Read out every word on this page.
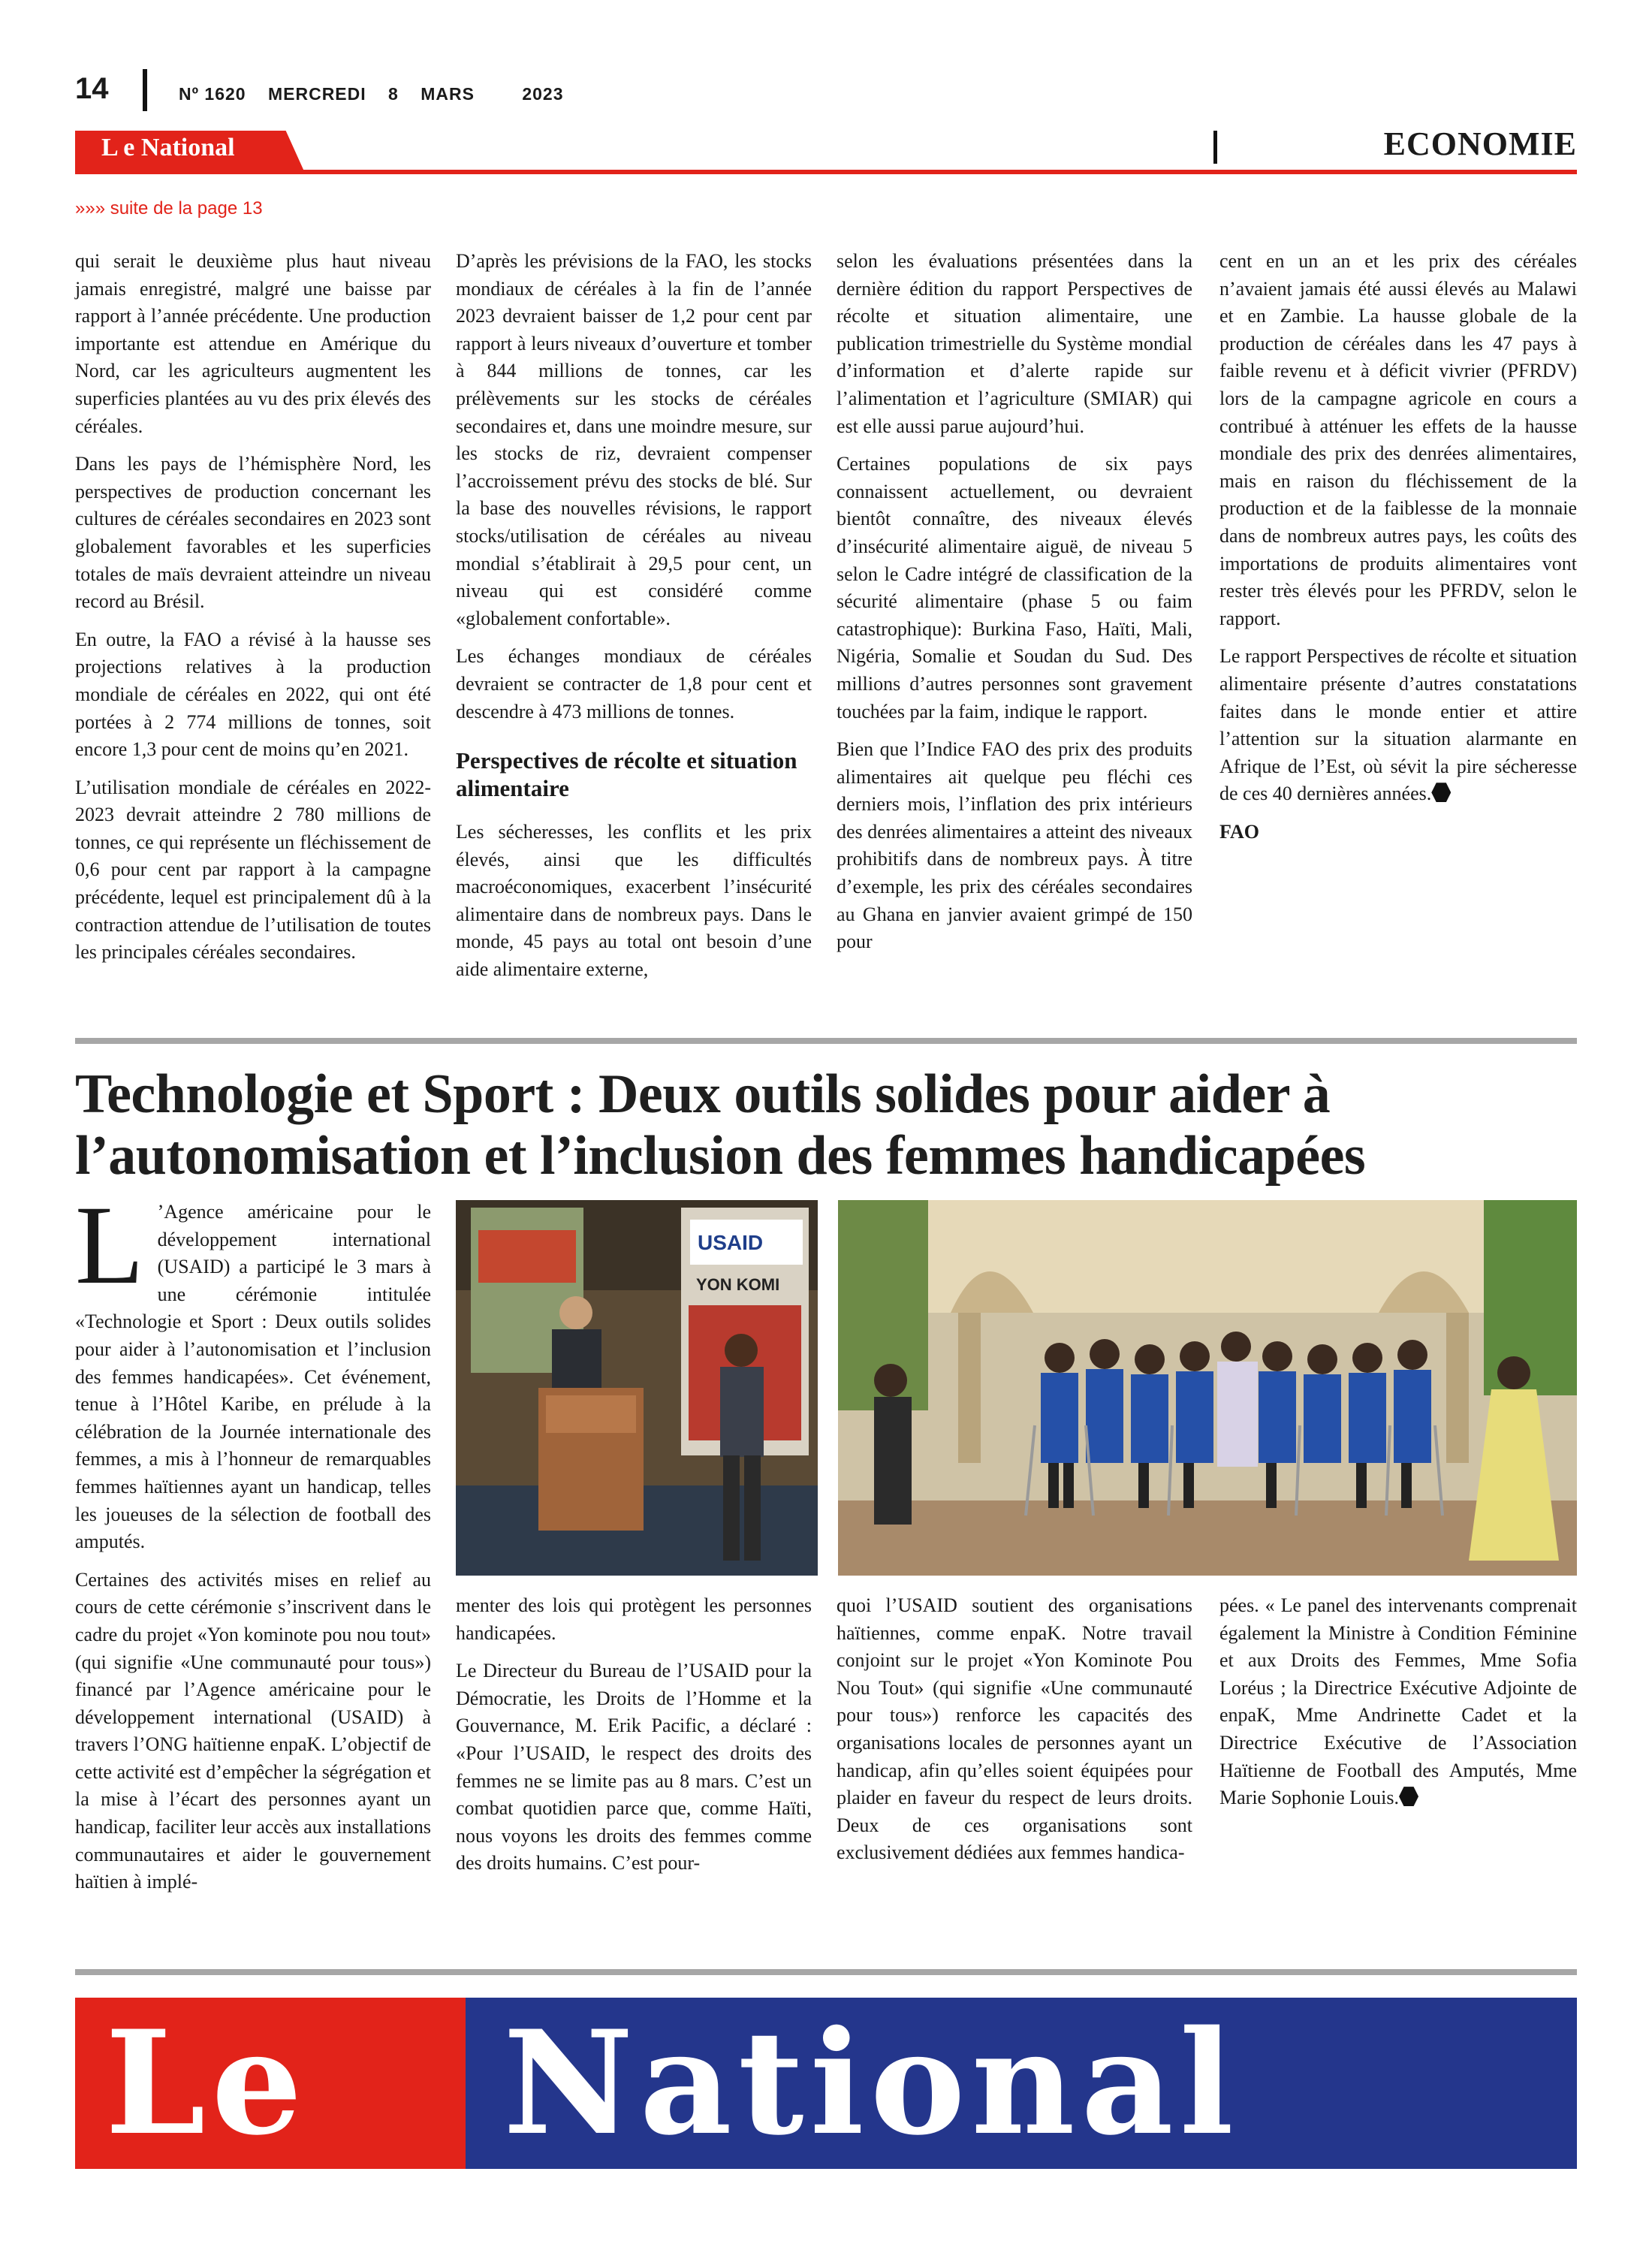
14	Nº 1620 MERCREDI 8 MARS	2023
L e National	ECONOMIE
»»» suite de la page 13

qui serait le deuxième plus haut niveau jamais enregistré, malgré une baisse par rapport à l’année précédente. Une production importante est attendue en Amérique du Nord, car les agriculteurs augmentent les superficies plantées au vu des prix élevés des céréales.

Dans les pays de l’hémisphère Nord, les perspectives de production concernant les cultures de céréales secondaires en 2023 sont globalement favorables et les superficies totales de maïs devraient atteindre un niveau record au Brésil.

En outre, la FAO a révisé à la hausse ses projections relatives à la production mondiale de céréales en 2022, qui ont été portées à 2 774 millions de tonnes, soit encore 1,3 pour cent de moins qu’en 2021.

L’utilisation mondiale de céréales en 2022-2023 devrait atteindre 2 780 millions de tonnes, ce qui représente un fléchissement de 0,6 pour cent par rapport à la campagne précédente, lequel est principalement dû à la contraction attendue de l’utilisation de toutes les principales céréales secondaires.

D’après les prévisions de la FAO, les stocks mondiaux de céréales à la fin de l’année 2023 devraient baisser de 1,2 pour cent par rapport à leurs niveaux d’ouverture et tomber à 844 millions de tonnes, car les prélèvements sur les stocks de céréales secondaires et, dans une moindre mesure, sur les stocks de riz, devraient compenser l’accroissement prévu des stocks de blé. Sur la base des nouvelles révisions, le rapport stocks/utilisation de céréales au niveau mondial s’établirait à 29,5 pour cent, un niveau qui est considéré comme «globalement confortable».

Les échanges mondiaux de céréales devraient se contracter de 1,8 pour cent et descendre à 473 millions de tonnes.

Perspectives de récolte et situation alimentaire

Les sécheresses, les conflits et les prix élevés, ainsi que les difficultés macroéconomiques, exacerbent l’insécurité alimentaire dans de nombreux pays. Dans le monde, 45 pays au total ont besoin d’une aide alimentaire externe,

selon les évaluations présentées dans la dernière édition du rapport Perspectives de récolte et situation alimentaire, une publication trimestrielle du Système mondial d’information et d’alerte rapide sur l’alimentation et l’agriculture (SMIAR) qui est elle aussi parue aujourd’hui.

Certaines populations de six pays connaissent actuellement, ou devraient bientôt connaître, des niveaux élevés d’insécurité alimentaire aiguë, de niveau 5 selon le Cadre intégré de classification de la sécurité alimentaire (phase 5 ou faim catastrophique): Burkina Faso, Haïti, Mali, Nigéria, Somalie et Soudan du Sud. Des millions d’autres personnes sont gravement touchées par la faim, indique le rapport.

Bien que l’Indice FAO des prix des produits alimentaires ait quelque peu fléchi ces derniers mois, l’inflation des prix intérieurs des denrées alimentaires a atteint des niveaux prohibitifs dans de nombreux pays. À titre d’exemple, les prix des céréales secondaires au Ghana en janvier avaient grimpé de 150 pour

cent en un an et les prix des céréales n’avaient jamais été aussi élevés au Malawi et en Zambie. La hausse globale de la production de céréales dans les 47 pays à faible revenu et à déficit vivrier (PFRDV) lors de la campagne agricole en cours a contribué à atténuer les effets de la hausse mondiale des prix des denrées alimentaires, mais en raison du fléchissement de la production et de la faiblesse de la monnaie dans de nombreux autres pays, les coûts des importations de produits alimentaires vont rester très élevés pour les PFRDV, selon le rapport.

Le rapport Perspectives de récolte et situation alimentaire présente d’autres constatations faites dans le monde entier et attire l’attention sur la situation alarmante en Afrique de l’Est, où sévit la pire sécheresse de ces 40 dernières années.

FAO

Technologie et Sport : Deux outils solides pour aider à l’autonomisation et l’inclusion des femmes handicapées

L ’Agence américaine pour le développement international (USAID) a participé le 3 mars à une cérémonie intitulée «Technologie et Sport : Deux outils solides pour aider à l’autonomisation et l’inclusion des femmes handicapées». Cet événement, tenue à l’Hôtel Karibe, en prélude à la célébration de la Journée internationale des femmes, a mis à l’honneur de remarquables femmes haïtiennes ayant un handicap, telles les joueuses de la sélection de football des amputés.

Certaines des activités mises en relief au cours de cette cérémonie s’inscrivent dans le cadre du projet «Yon kominote pou nou tout» (qui signifie «Une communauté pour tous») financé par l’Agence américaine pour le développement international (USAID) à travers l’ONG haïtienne enpaK. L’objectif de cette activité est d’empêcher la ségrégation et la mise à l’écart des personnes ayant un handicap, faciliter leur accès aux installations communautaires et aider le gouvernement haïtien à implé-

USAID
YON KOMI

menter des lois qui protègent les personnes handicapées.

Le Directeur du Bureau de l’USAID pour la Démocratie, les Droits de l’Homme et la Gouvernance, M. Erik Pacific, a déclaré : «Pour l’USAID, le respect des droits des femmes ne se limite pas au 8 mars. C’est un combat quotidien parce que, comme Haïti, nous voyons les droits des femmes comme des droits humains. C’est pour-

quoi l’USAID soutient des organisations haïtiennes, comme enpaK. Notre travail conjoint sur le projet «Yon Kominote Pou Nou Tout» (qui signifie «Une communauté pour tous») renforce les capacités des organisations locales de personnes ayant un handicap, afin qu’elles soient équipées pour plaider en faveur du respect de leurs droits. Deux de ces organisations sont exclusivement dédiées aux femmes handica-

pées. « Le panel des intervenants comprenait également la Ministre à Condition Féminine et aux Droits des Femmes, Mme Sofia Loréus ; la Directrice Exécutive Adjointe de enpaK, Mme Andrinette Cadet et la Directrice Exécutive de l’Association Haïtienne de Football des Amputés, Mme Marie Sophonie Louis.

Le National
